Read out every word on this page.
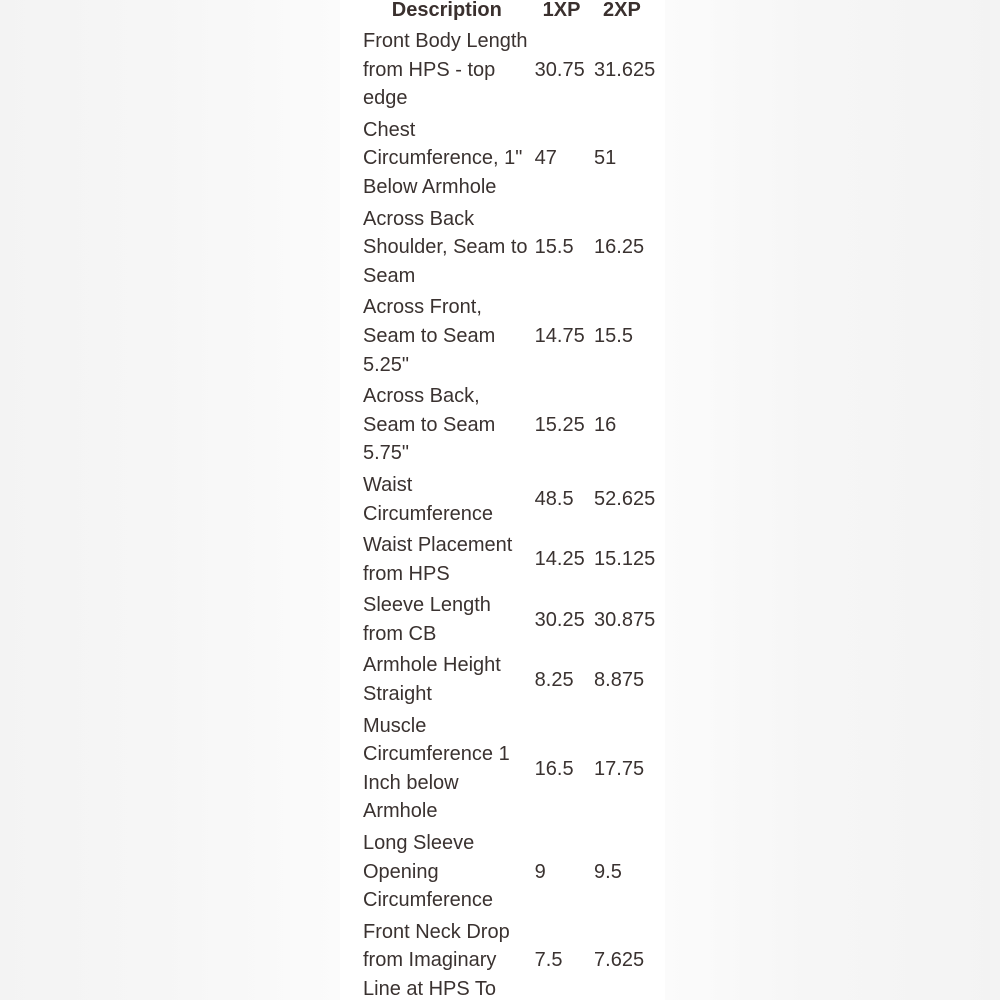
Description	1XP	2XP

Front Body Length from HPS - top edge	30.75	31.625

Chest Circumference, 1" Below Armhole	47	51

Across Back Shoulder, Seam to Seam	15.5	16.25

Across Front, Seam to Seam 5.25"	14.75	15.5

Across Back, Seam to Seam 5.75"	15.25	16

Waist Circumference	48.5	52.625

Waist Placement from HPS	14.25	15.125

Sleeve Length from CB	30.25	30.875

Armhole Height Straight	8.25	8.875

Muscle Circumference 1 Inch below Armhole	16.5	17.75

Long Sleeve Opening Circumference	9	9.5

Front Neck Drop from Imaginary Line at HPS To	7.5	7.625
